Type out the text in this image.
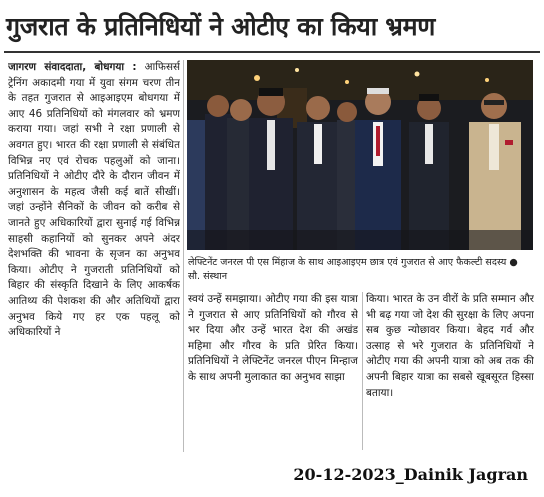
गुजरात के प्रतिनिधियों ने ओटीए का किया भ्रमण

जागरण संवाददाता, बोधगया : आफिसर्स ट्रेनिंग अकादमी गया में युवा संगम चरण तीन के तहत गुजरात से आइआइएम बोधगया में आए 46 प्रतिनिधियों को मंगलवार को भ्रमण कराया गया। जहां सभी ने रक्षा प्रणाली से अवगत हुए। भारत की रक्षा प्रणाली से संबंधित विभिन्न नए एवं रोचक पहलुओं को जाना। प्रतिनिधियों ने ओटीए दौरे के दौरान जीवन में अनुशासन के महत्व जैसी कई बातें सीखीं। जहां उन्होंने सैनिकों के जीवन को करीब से जानते हुए अधिकारियों द्वारा सुनाई गई विभिन्न साहसी कहानियों को सुनकर अपने अंदर देशभक्ति की भावना के सृजन का अनुभव किया। ओटीए ने गुजराती प्रतिनिधियों को बिहार की संस्कृति दिखाने के लिए आकर्षक आतिथ्य की पेशकश की और अतिथियों द्वारा अनुभव किये गए हर एक पहलू को अधिकारियों ने

लेफ्टिनेंट जनरल पी एस मिंहाज के साथ आइआइएम छात्र एवं गुजरात से आए फैकल्टी सदस्य ● सौ. संस्थान

स्वयं उन्हें समझाया। ओटीए गया की इस यात्रा ने गुजरात से आए प्रतिनिधियों को गौरव से भर दिया और उन्हें भारत देश की अखंड महिमा और गौरव के प्रति प्रेरित किया। प्रतिनिधियों ने लेफ्टिनेंट जनरल पीएन मिन्हाज के साथ अपनी मुलाकात का अनुभव साझा

किया। भारत के उन वीरों के प्रति सम्मान और भी बढ़ गया जो देश की सुरक्षा के लिए अपना सब कुछ न्योछावर किया। बेहद गर्व और उत्साह से भरे गुजरात के प्रतिनिधियों ने ओटीए गया की अपनी यात्रा को अब तक की अपनी बिहार यात्रा का सबसे खूबसूरत हिस्सा बताया।

20-12-2023_Dainik Jagran
